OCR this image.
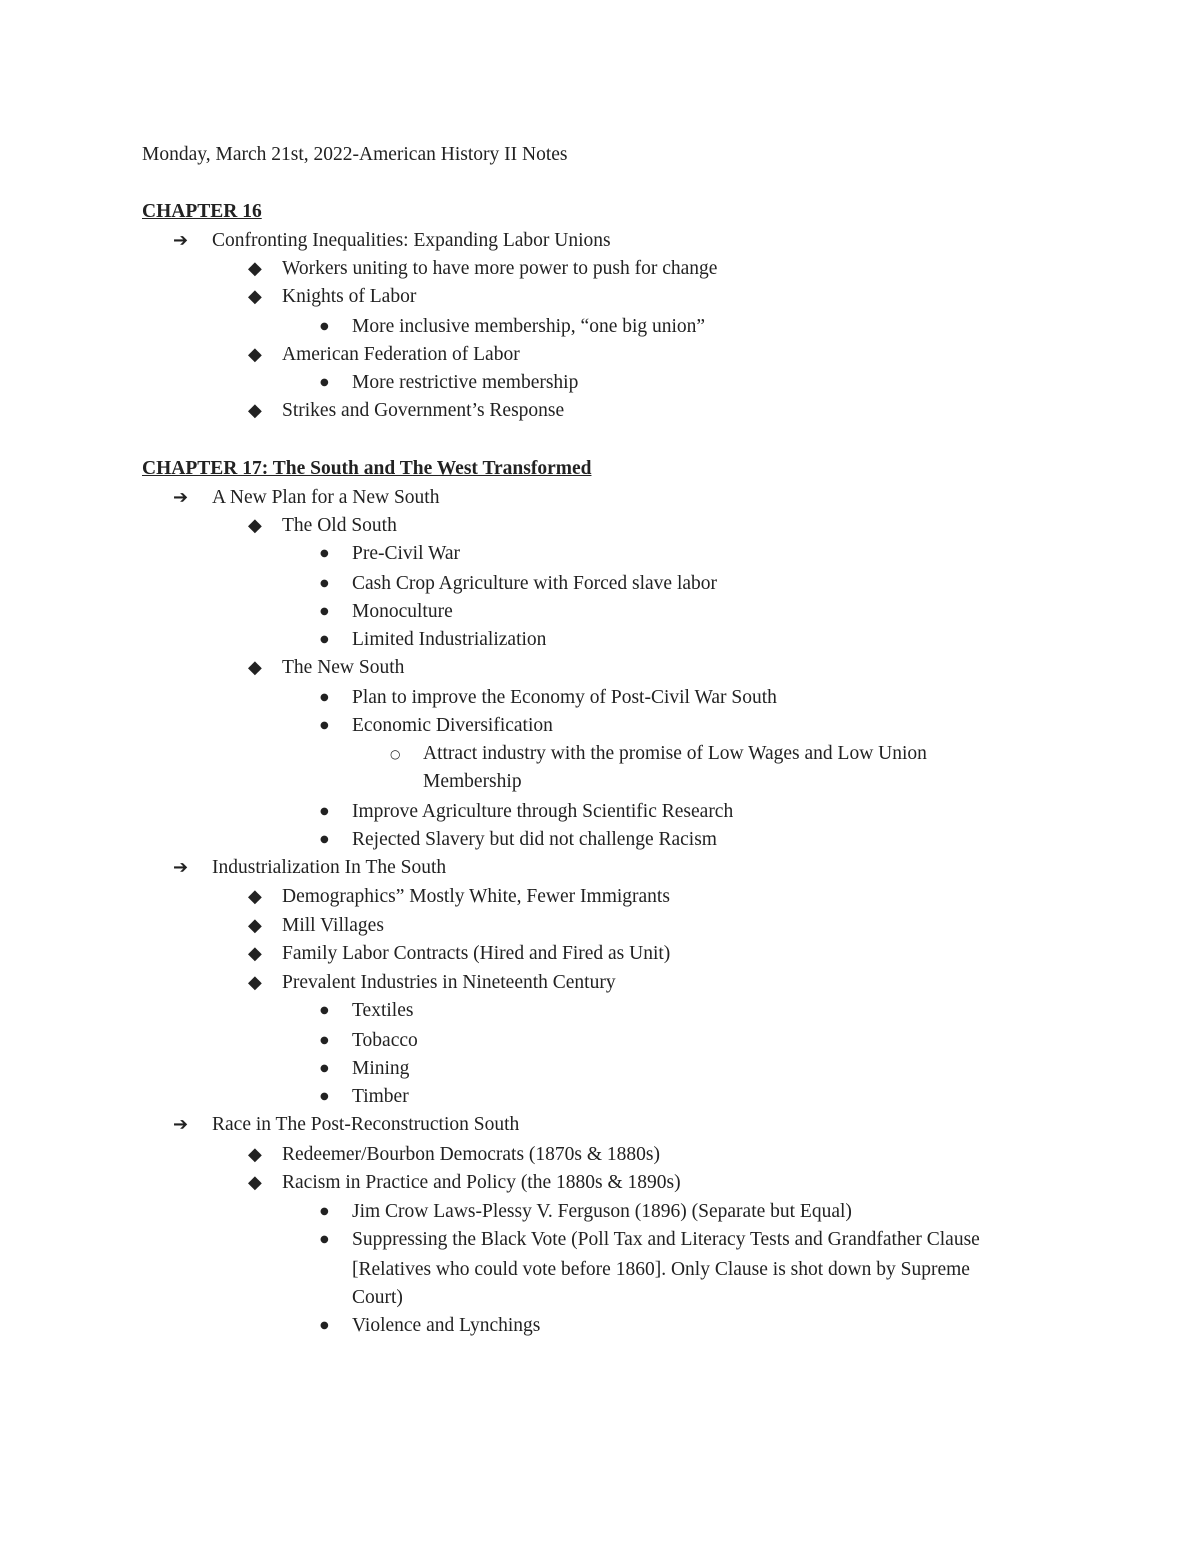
Monday, March 21st, 2022-American History II Notes
CHAPTER 16
➔
Confronting Inequalities: Expanding Labor Unions
◆
Workers uniting to have more power to push for change
◆
Knights of Labor
●
More inclusive membership, “one big union”
◆
American Federation of Labor
●
More restrictive membership
◆
Strikes and Government’s Response
CHAPTER 17: The South and The West Transformed
➔
A New Plan for a New South
◆
The Old South
●
Pre-Civil War
●
Cash Crop Agriculture with Forced slave labor
●
Monoculture
●
Limited Industrialization
◆
The New South
●
Plan to improve the Economy of Post-Civil War South
●
Economic Diversification
○
Attract industry with the promise of Low Wages and Low Union
Membership
●
Improve Agriculture through Scientific Research
●
Rejected Slavery but did not challenge Racism
➔
Industrialization In The South
◆
Demographics” Mostly White, Fewer Immigrants
◆
Mill Villages
◆
Family Labor Contracts (Hired and Fired as Unit)
◆
Prevalent Industries in Nineteenth Century
●
Textiles
●
Tobacco
●
Mining
●
Timber
➔
Race in The Post-Reconstruction South
◆
Redeemer/Bourbon Democrats (1870s & 1880s)
◆
Racism in Practice and Policy (the 1880s & 1890s)
●
Jim Crow Laws-Plessy V. Ferguson (1896) (Separate but Equal)
●
Suppressing the Black Vote (Poll Tax and Literacy Tests and Grandfather Clause
[Relatives who could vote before 1860]. Only Clause is shot down by Supreme
Court)
●
Violence and Lynchings
